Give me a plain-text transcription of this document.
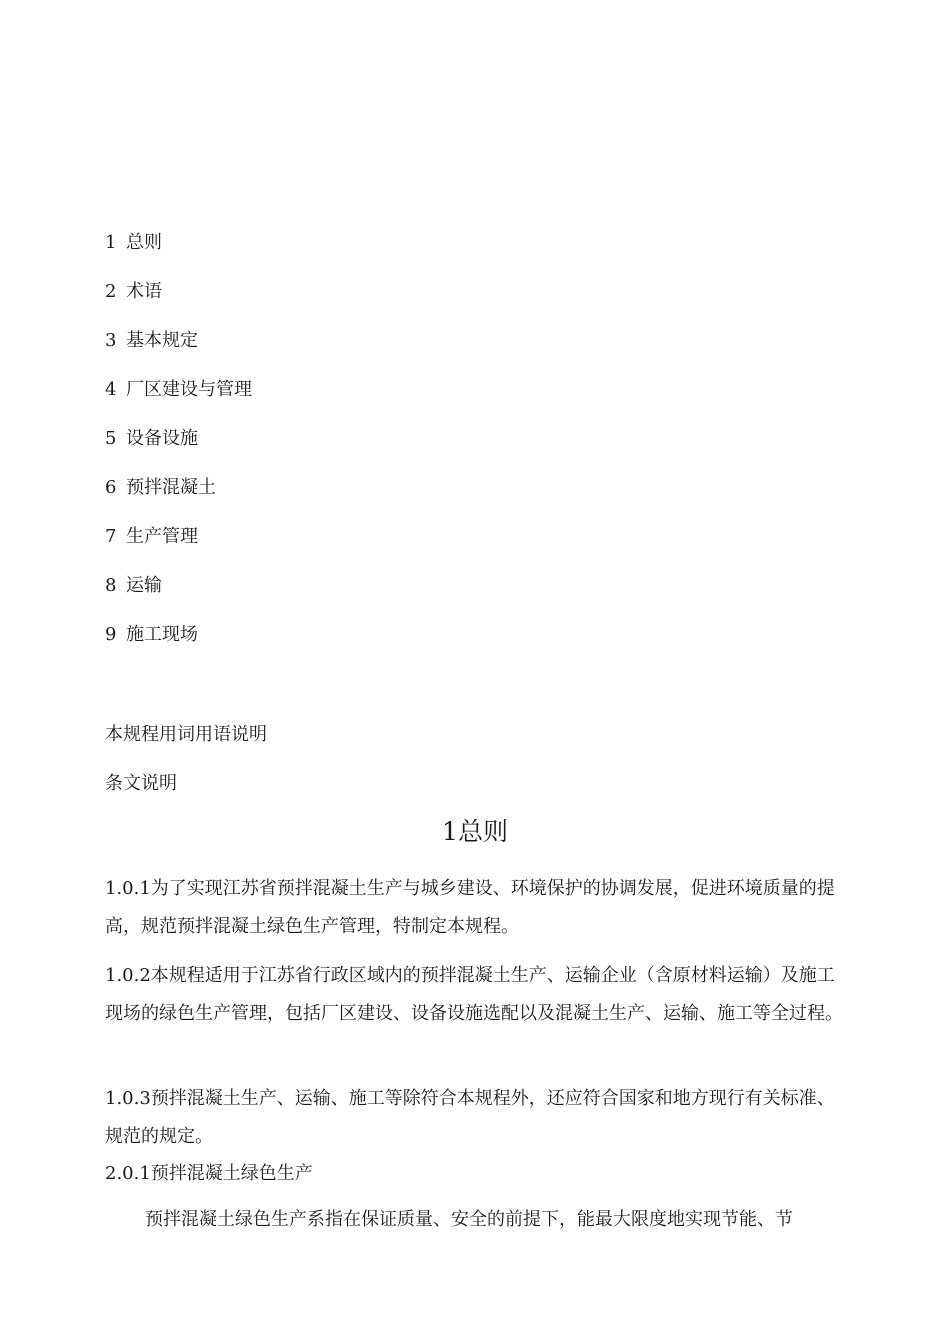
1 总则
2 术语
3 基本规定
4 厂区建设与管理
5 设备设施
6 预拌混凝土
7 生产管理
8 运输
9 施工现场
本规程用词用语说明
条文说明
1总则

1.0.1为了实现江苏省预拌混凝土生产与城乡建设、环境保护的协调发展，促进环境质量的提高，规范预拌混凝土绿色生产管理，特制定本规程。

1.0.2本规程适用于江苏省行政区域内的预拌混凝土生产、运输企业（含原材料运输）及施工现场的绿色生产管理，包括厂区建设、设备设施选配以及混凝土生产、运输、施工等全过程。

1.0.3预拌混凝土生产、运输、施工等除符合本规程外，还应符合国家和地方现行有关标准、规范的规定。

2.0.1预拌混凝土绿色生产
预拌混凝土绿色生产系指在保证质量、安全的前提下，能最大限度地实现节能、节
